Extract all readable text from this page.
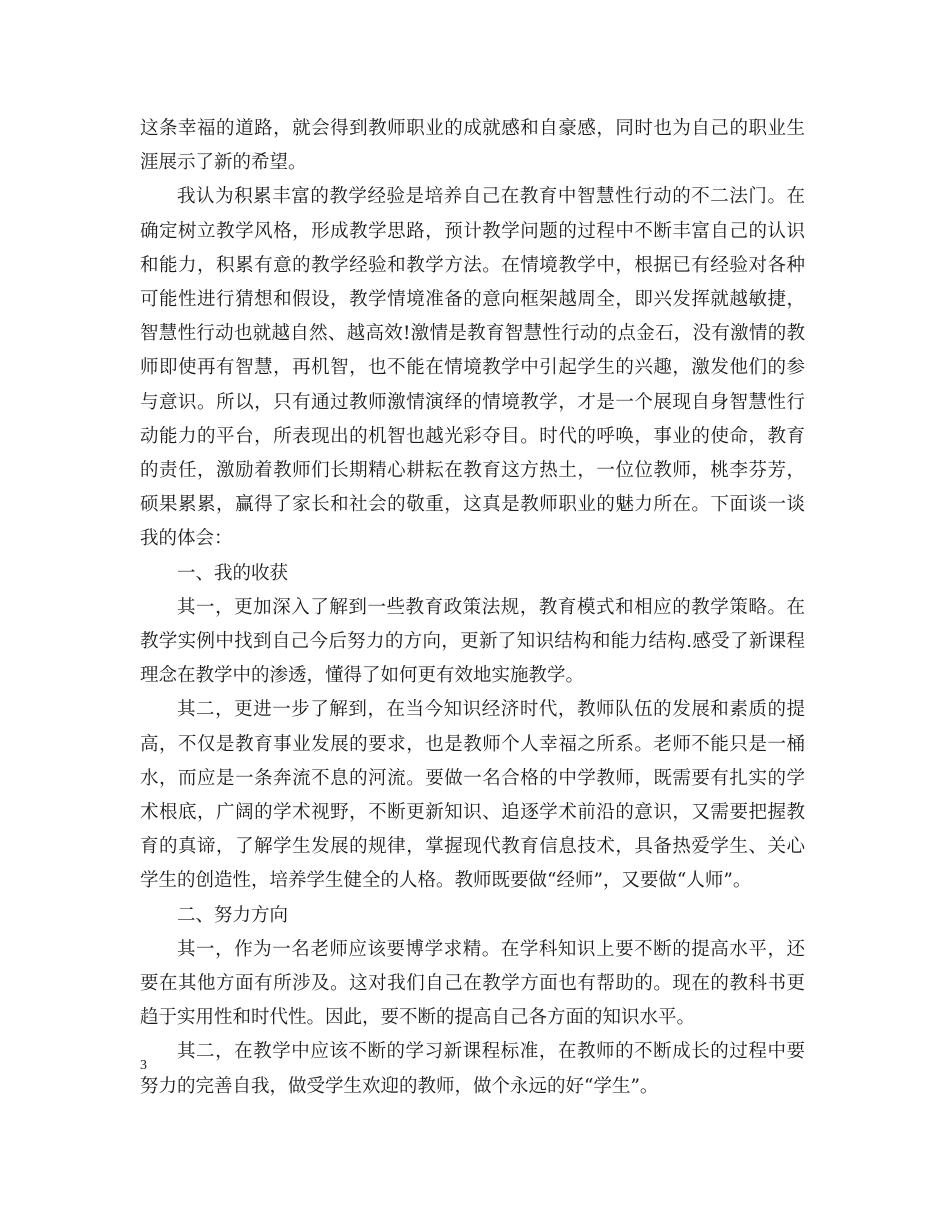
这条幸福的道路，就会得到教师职业的成就感和自豪感，同时也为自己的职业生涯展示了新的希望。

我认为积累丰富的教学经验是培养自己在教育中智慧性行动的不二法门。在确定树立教学风格，形成教学思路，预计教学问题的过程中不断丰富自己的认识和能力，积累有意的教学经验和教学方法。在情境教学中，根据已有经验对各种可能性进行猜想和假设，教学情境准备的意向框架越周全，即兴发挥就越敏捷，智慧性行动也就越自然、越高效!激情是教育智慧性行动的点金石，没有激情的教师即使再有智慧，再机智，也不能在情境教学中引起学生的兴趣，激发他们的参与意识。所以，只有通过教师激情演绎的情境教学，才是一个展现自身智慧性行动能力的平台，所表现出的机智也越光彩夺目。时代的呼唤，事业的使命，教育的责任，激励着教师们长期精心耕耘在教育这方热土，一位位教师，桃李芬芳，硕果累累，赢得了家长和社会的敬重，这真是教师职业的魅力所在。下面谈一谈我的体会：

一、我的收获

其一，更加深入了解到一些教育政策法规，教育模式和相应的教学策略。在教学实例中找到自己今后努力的方向，更新了知识结构和能力结构.感受了新课程理念在教学中的渗透，懂得了如何更有效地实施教学。

其二，更进一步了解到，在当今知识经济时代，教师队伍的发展和素质的提高，不仅是教育事业发展的要求，也是教师个人幸福之所系。老师不能只是一桶水，而应是一条奔流不息的河流。要做一名合格的中学教师，既需要有扎实的学术根底，广阔的学术视野，不断更新知识、追逐学术前沿的意识，又需要把握教育的真谛，了解学生发展的规律，掌握现代教育信息技术，具备热爱学生、关心学生的创造性，培养学生健全的人格。教师既要做“经师”，又要做“人师”。

二、努力方向

其一，作为一名老师应该要博学求精。在学科知识上要不断的提高水平，还要在其他方面有所涉及。这对我们自己在教学方面也有帮助的。现在的教科书更趋于实用性和时代性。因此，要不断的提高自己各方面的知识水平。

其二，在教学中应该不断的学习新课程标准，在教师的不断成长的过程中要努力的完善自我，做受学生欢迎的教师，做个永远的好“学生”。

3
